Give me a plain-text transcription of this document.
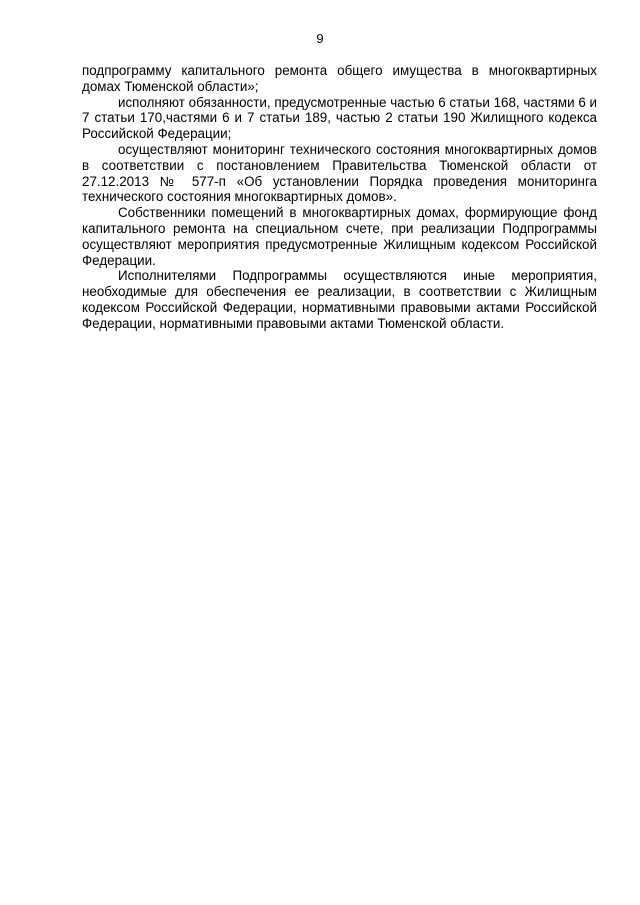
9

подпрограмму капитального ремонта общего имущества в многоквартирных домах Тюменской области»;

исполняют обязанности, предусмотренные частью 6 статьи 168, частями 6 и 7 статьи 170,частями 6 и 7 статьи 189, частью 2 статьи 190 Жилищного кодекса Российской Федерации;

осуществляют мониторинг технического состояния многоквартирных домов в соответствии с постановлением Правительства Тюменской области от 27.12.2013 № 577-п «Об установлении Порядка проведения мониторинга технического состояния многоквартирных домов».

Собственники помещений в многоквартирных домах, формирующие фонд капитального ремонта на специальном счете, при реализации Подпрограммы осуществляют мероприятия предусмотренные Жилищным кодексом Российской Федерации.

Исполнителями Подпрограммы осуществляются иные мероприятия, необходимые для обеспечения ее реализации, в соответствии с Жилищным кодексом Российской Федерации, нормативными правовыми актами Российской Федерации, нормативными правовыми актами Тюменской области.
